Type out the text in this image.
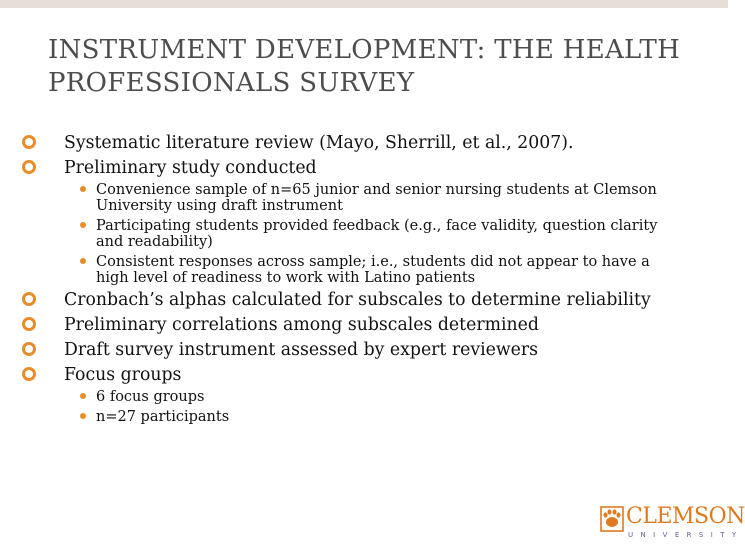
INSTRUMENT DEVELOPMENT: THE HEALTH PROFESSIONALS SURVEY
Systematic literature review (Mayo, Sherrill, et al., 2007).
Preliminary study conducted
Convenience sample of n=65 junior and senior nursing students at Clemson University using draft instrument
Participating students provided feedback (e.g., face validity, question clarity and readability)
Consistent responses across sample; i.e., students did not appear to have a high level of readiness to work with Latino patients
Cronbach’s alphas calculated for subscales to determine reliability
Preliminary correlations among subscales determined
Draft survey instrument assessed by expert reviewers
Focus groups
6 focus groups
n=27 participants
CLEMSON
UNIVERSITY
